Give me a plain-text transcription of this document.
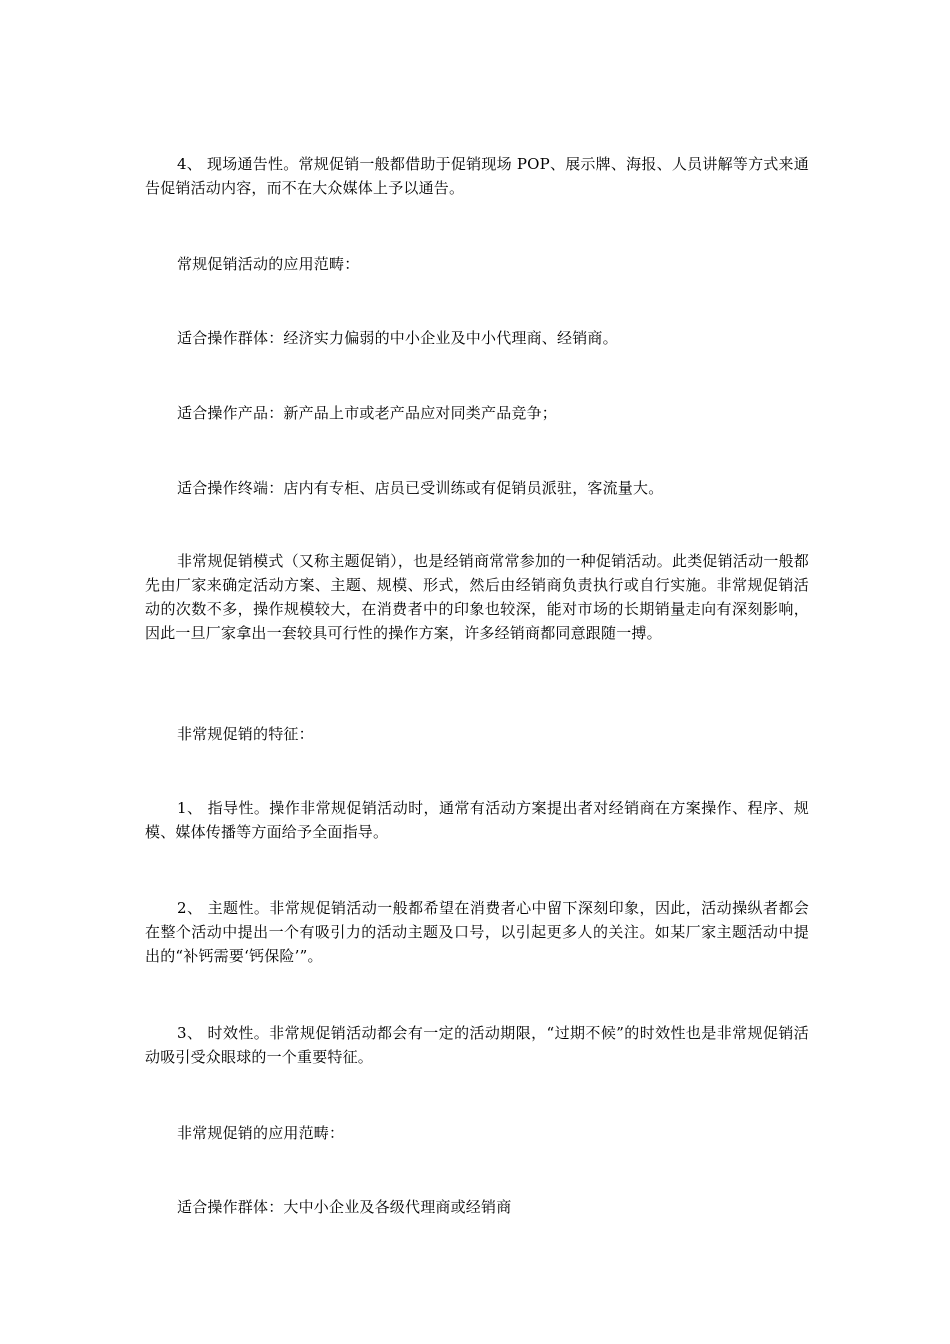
4、 现场通告性。常规促销一般都借助于促销现场 POP、展示牌、海报、人员讲解等方式来通告促销活动内容，而不在大众媒体上予以通告。

常规促销活动的应用范畴：

适合操作群体：经济实力偏弱的中小企业及中小代理商、经销商。

适合操作产品：新产品上市或老产品应对同类产品竞争；

适合操作终端：店内有专柜、店员已受训练或有促销员派驻，客流量大。

非常规促销模式（又称主题促销），也是经销商常常参加的一种促销活动。此类促销活动一般都先由厂家来确定活动方案、主题、规模、形式，然后由经销商负责执行或自行实施。非常规促销活动的次数不多，操作规模较大，在消费者中的印象也较深，能对市场的长期销量走向有深刻影响，因此一旦厂家拿出一套较具可行性的操作方案，许多经销商都同意跟随一搏。

非常规促销的特征：

1、 指导性。操作非常规促销活动时，通常有活动方案提出者对经销商在方案操作、程序、规模、媒体传播等方面给予全面指导。

2、 主题性。非常规促销活动一般都希望在消费者心中留下深刻印象，因此，活动操纵者都会在整个活动中提出一个有吸引力的活动主题及口号，以引起更多人的关注。如某厂家主题活动中提出的“补钙需要‘钙保险’”。

3、 时效性。非常规促销活动都会有一定的活动期限，“过期不候”的时效性也是非常规促销活动吸引受众眼球的一个重要特征。

非常规促销的应用范畴：

适合操作群体：大中小企业及各级代理商或经销商
